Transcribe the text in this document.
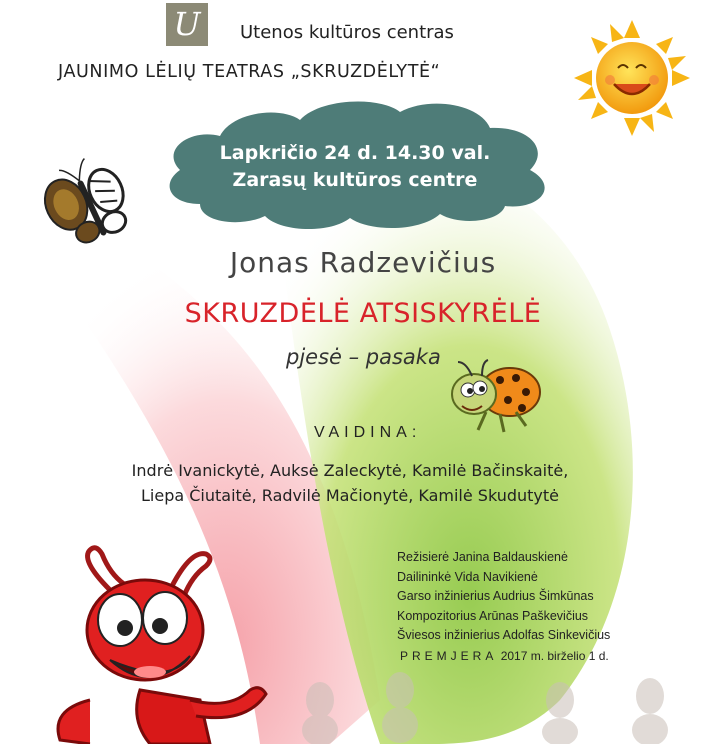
U	Utenos kultūros centras
JAUNIMO LĖLIŲ TEATRAS „SKRUZDĖLYTĖ“
Lapkričio 24 d. 14.30 val.
Zarasų kultūros centre
Jonas Radzevičius
SKRUZDĖLĖ ATSISKYRĖLĖ
pjesė – pasaka
VAIDINA:
Indrė Ivanickytė, Auksė Zaleckytė, Kamilė Bačinskaitė,
Liepa Čiutaitė, Radvilė Mačionytė, Kamilė Skudutytė
Režisierė Janina Baldauskienė
Dailininkė Vida Navikienė
Garso inžinierius Audrius Šimkūnas
Kompozitorius Arūnas Paškevičius
Šviesos inžinierius Adolfas Sinkevičius
PREMJERA 2017 m. birželio 1 d.
